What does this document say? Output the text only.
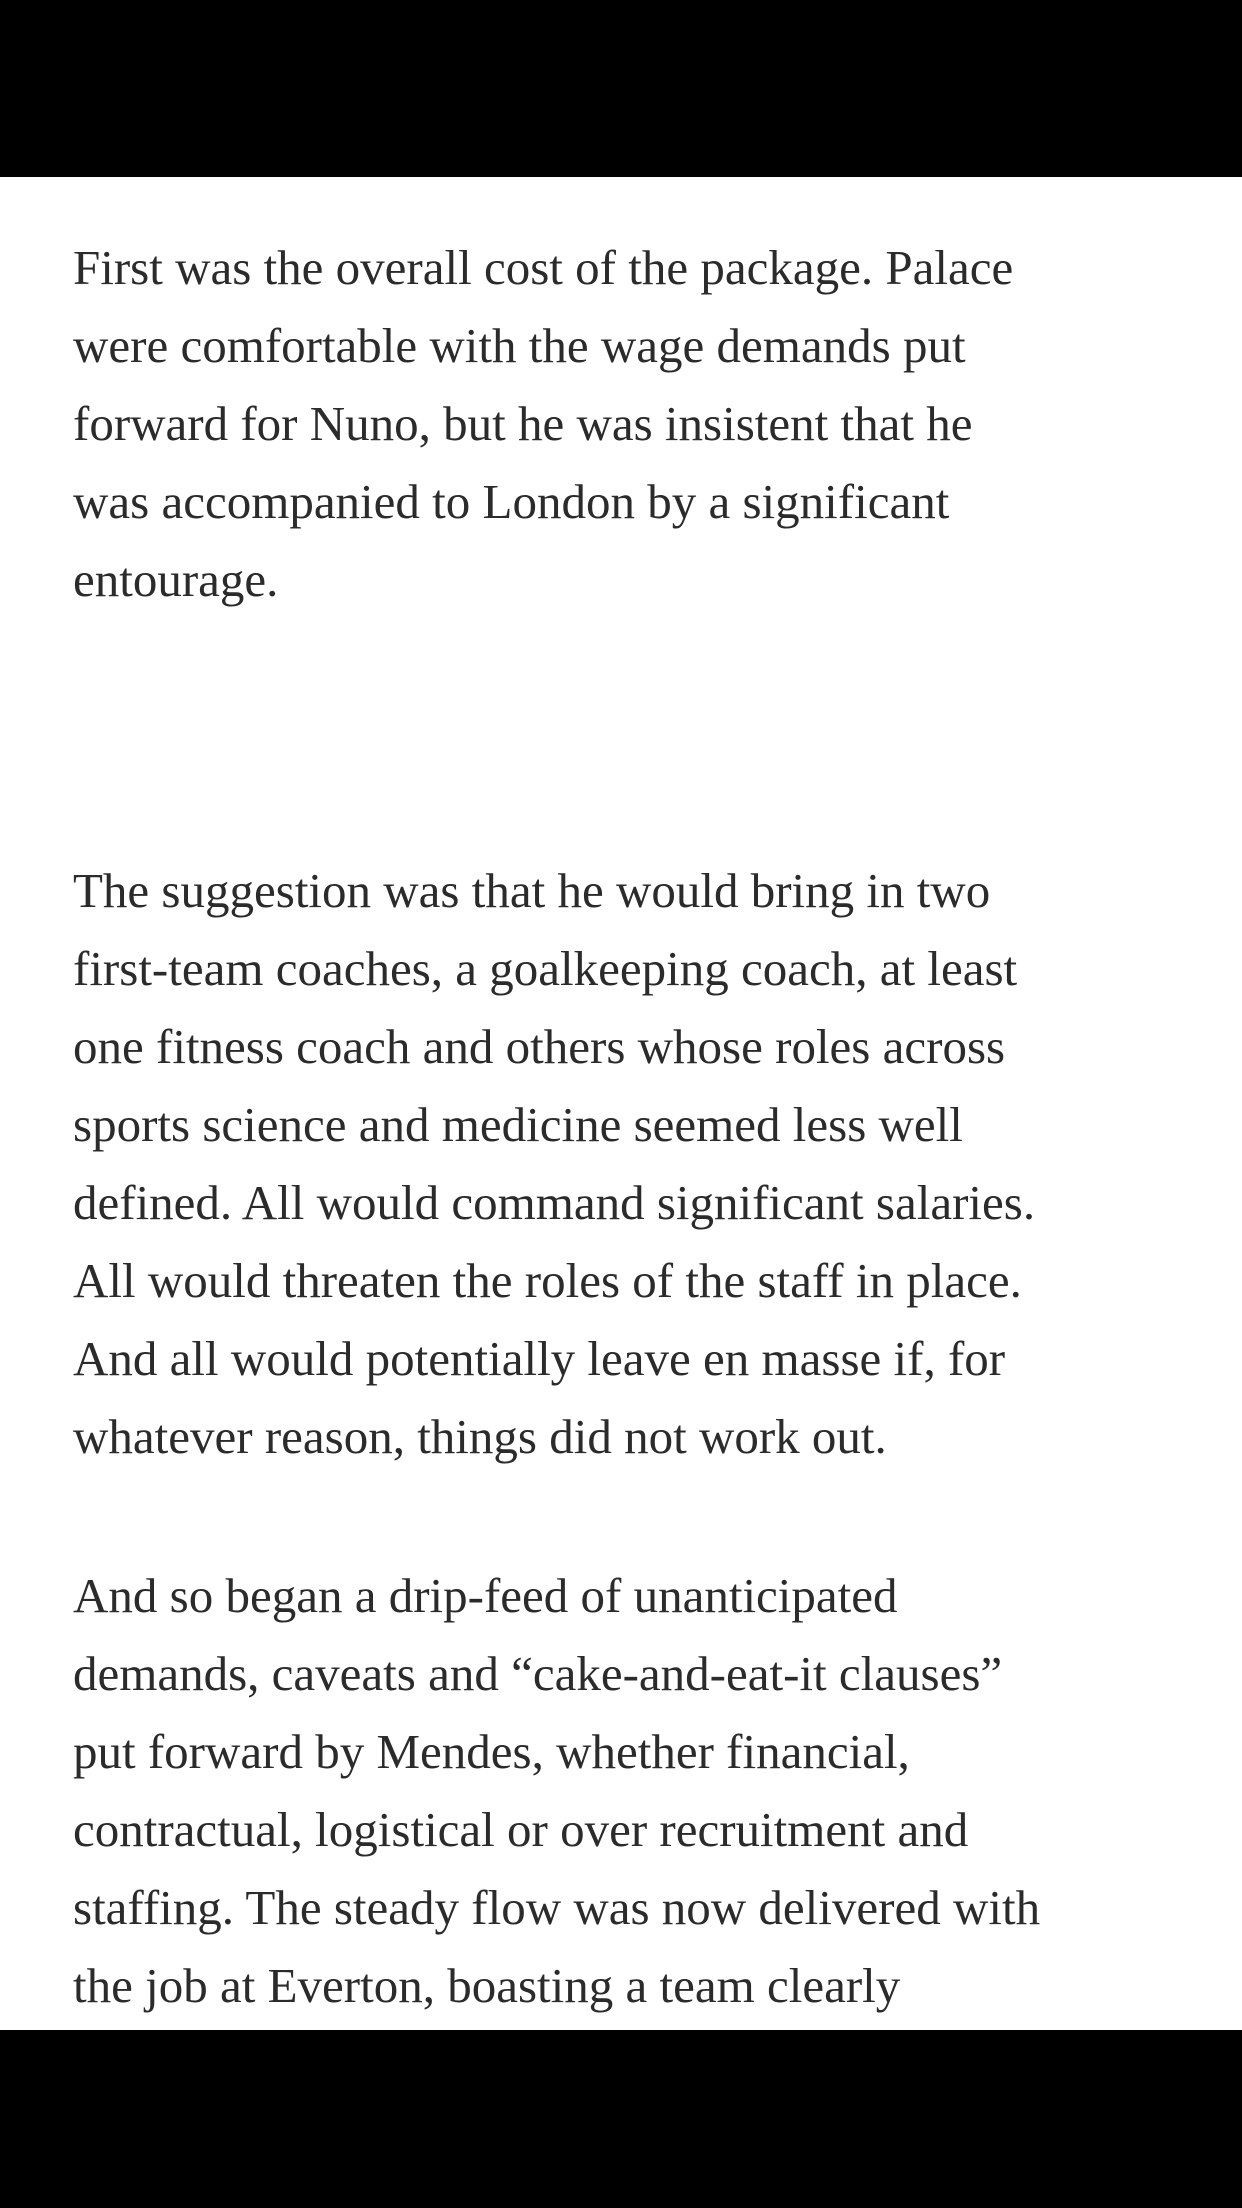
First was the overall cost of the package. Palace
were comfortable with the wage demands put
forward for Nuno, but he was insistent that he
was accompanied to London by a significant
entourage.

The suggestion was that he would bring in two
first-team coaches, a goalkeeping coach, at least
one fitness coach and others whose roles across
sports science and medicine seemed less well
defined. All would command significant salaries.
All would threaten the roles of the staff in place.
And all would potentially leave en masse if, for
whatever reason, things did not work out.

And so began a drip-feed of unanticipated
demands, caveats and “cake-and-eat-it clauses”
put forward by Mendes, whether financial,
contractual, logistical or over recruitment and
staffing. The steady flow was now delivered with
the job at Everton, boasting a team clearly
